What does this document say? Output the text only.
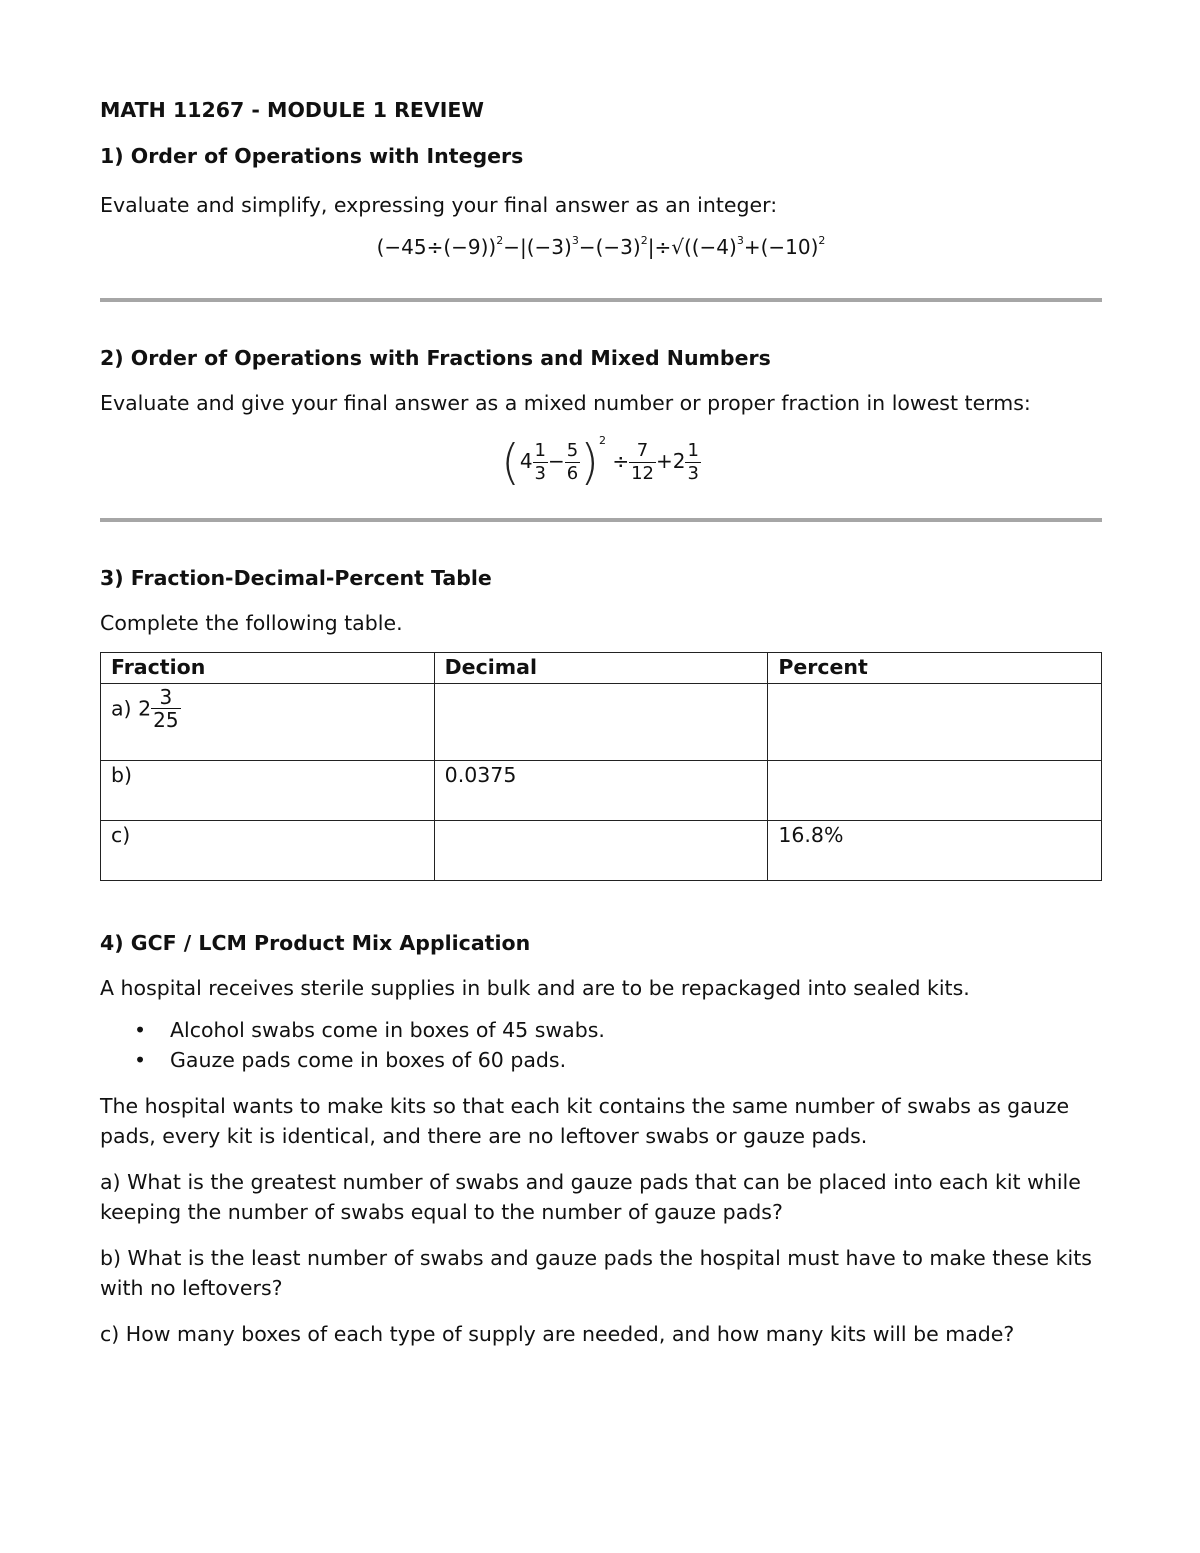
MATH 11267 - MODULE 1 REVIEW
1) Order of Operations with Integers

Evaluate and simplify, expressing your final answer as an integer:

$(-45\div(-9))^2-|(-3)^3-(-3)^2|\div√((-4)^3+(-10)^2$
2) Order of Operations with Fractions and Mixed Numbers

Evaluate and give your final answer as a mixed number or proper fraction in lowest terms:

$(4 \frac{1}{3} - \frac{5}{6} )^2 \div \frac{7}{12} +2 \frac{1}{3}$
3) Fraction-Decimal-Percent Table

Complete the following table.

Fraction	Decimal	Percent
a) $2 \frac{3}{25}$

b)	0.0375	
c)		16.8%
4) GCF / LCM Product Mix Application

A hospital receives sterile supplies in bulk and are to be repackaged into sealed kits.

• Alcohol swabs come in boxes of 45 swabs.
• Gauze pads come in boxes of 60 pads.

The hospital wants to make kits so that each kit contains the same number of swabs as gauze pads, every kit is identical, and there are no leftover swabs or gauze pads.

a) What is the greatest number of swabs and gauze pads that can be placed into each kit while keeping the number of swabs equal to the number of gauze pads?

b) What is the least number of swabs and gauze pads the hospital must have to make these kits with no leftovers?

c) How many boxes of each type of supply are needed, and how many kits will be made?
